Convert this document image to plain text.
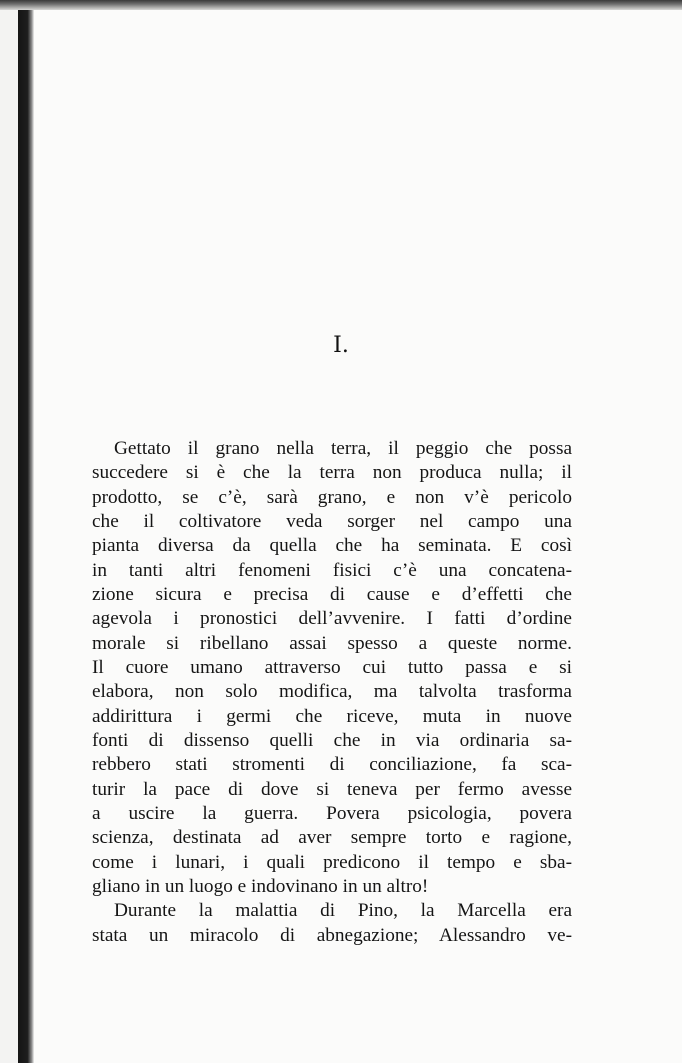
I.
Gettato il grano nella terra, il peggio che possa
succedere si è che la terra non produca nulla; il
prodotto, se c’è, sarà grano, e non v’è pericolo
che il coltivatore veda sorger nel campo una
pianta diversa da quella che ha seminata. E così
in tanti altri fenomeni fisici c’è una concatena-
zione sicura e precisa di cause e d’effetti che
agevola i pronostici dell’avvenire. I fatti d’ordine
morale si ribellano assai spesso a queste norme.
Il cuore umano attraverso cui tutto passa e si
elabora, non solo modifica, ma talvolta trasforma
addirittura i germi che riceve, muta in nuove
fonti di dissenso quelli che in via ordinaria sa-
rebbero stati stromenti di conciliazione, fa sca-
turir la pace di dove si teneva per fermo avesse
a uscire la guerra. Povera psicologia, povera
scienza, destinata ad aver sempre torto e ragione,
come i lunari, i quali predicono il tempo e sba-
gliano in un luogo e indovinano in un altro!
Durante la malattia di Pino, la Marcella era
stata un miracolo di abnegazione; Alessandro ve-
